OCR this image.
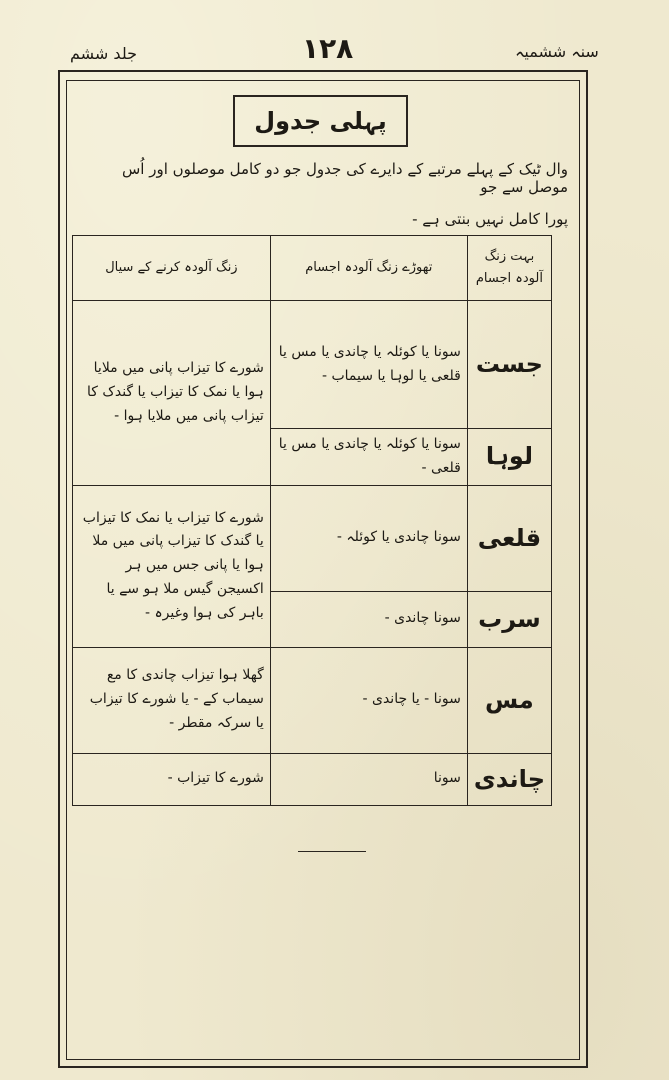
جلد ششم	۱۲۸	سنہ ششمیہ
پہلی جدول
وال ٹیک کے پہلے مرتبے کے دایرے کی جدول جو دو کامل موصلوں اور اُس موصل سے جو
پورا کامل نہیں بنتی ہے -
بہت زنگ آلودہ اجسام	تھوڑے زنگ آلودہ اجسام	زنگ آلودہ کرنے کے سیال
جست	سونا یا کوئلہ یا چاندی یا مس یا قلعی یا لوہا یا سیماب -	شورے کا تیزاب پانی میں ملایا ہوا یا نمک کا تیزاب یا گندک کا تیزاب پانی میں ملایا ہوا -
لوہا	سونا یا کوئلہ یا چاندی یا مس یا قلعی -	
قلعی	سونا چاندی یا کوئلہ -	شورے کا تیزاب یا نمک کا تیزاب یا گندک کا تیزاب پانی میں ملا ہوا یا پانی جس میں ہر اکسیجن گیس ملا ہو سے یا باہر کی ہوا وغیرہ -
سرب	سونا چاندی -	
مس	سونا - یا چاندی -	گھلا ہوا تیزاب چاندی کا مع سیماب کے - یا شورے کا تیزاب یا سرکہ مقطر -
چاندی	سونا	شورے کا تیزاب -
